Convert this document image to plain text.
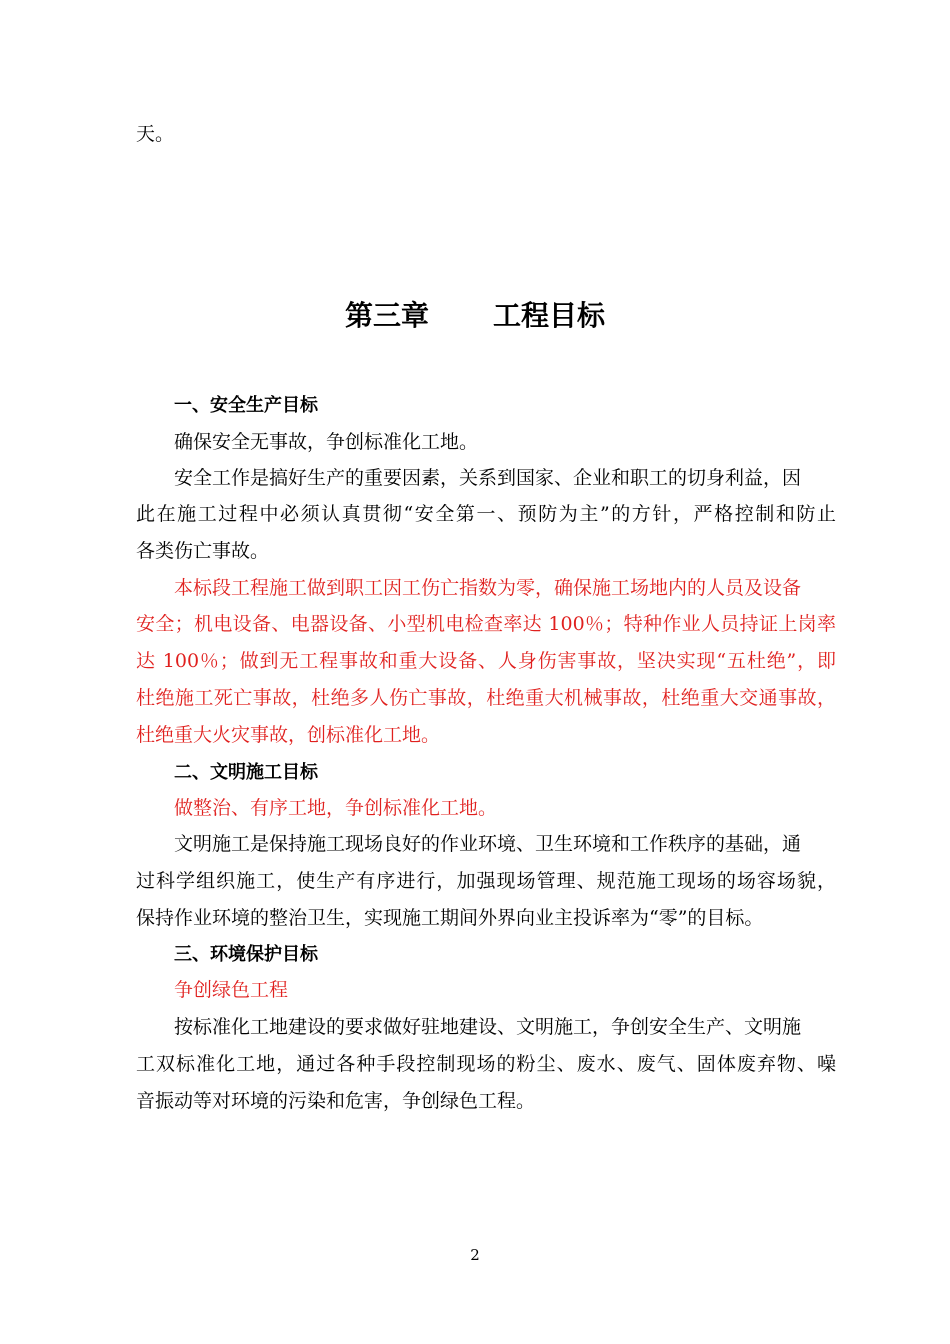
天。
第三章 工程目标
一、安全生产目标
确保安全无事故，争创标准化工地。
安全工作是搞好生产的重要因素，关系到国家、企业和职工的切身利益，因
此在施工过程中必须认真贯彻“安全第一、预防为主”的方针，严格控制和防止
各类伤亡事故。
本标段工程施工做到职工因工伤亡指数为零，确保施工场地内的人员及设备
安全；机电设备、电器设备、小型机电检查率达 100％；特种作业人员持证上岗率
达 100％；做到无工程事故和重大设备、人身伤害事故，坚决实现“五杜绝”，即
杜绝施工死亡事故，杜绝多人伤亡事故，杜绝重大机械事故，杜绝重大交通事故，
杜绝重大火灾事故，创标准化工地。
二、文明施工目标
做整治、有序工地，争创标准化工地。
文明施工是保持施工现场良好的作业环境、卫生环境和工作秩序的基础，通
过科学组织施工，使生产有序进行，加强现场管理、规范施工现场的场容场貌，
保持作业环境的整治卫生，实现施工期间外界向业主投诉率为“零”的目标。
三、环境保护目标
争创绿色工程
按标准化工地建设的要求做好驻地建设、文明施工，争创安全生产、文明施
工双标准化工地，通过各种手段控制现场的粉尘、废水、废气、固体废弃物、噪
音振动等对环境的污染和危害，争创绿色工程。
2
